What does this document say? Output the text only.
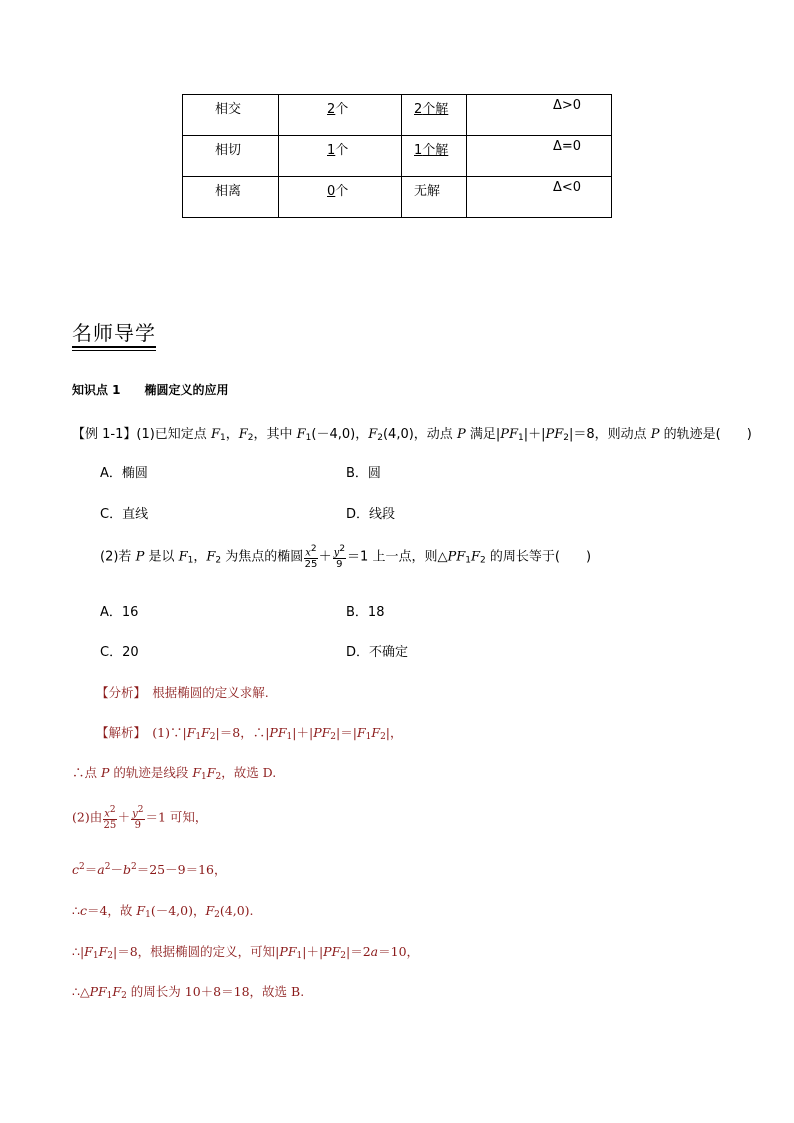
相交	2个	2个解	Δ>0
相切	1个	1个解	Δ=0
相离	0个	无解	Δ<0
名师导学
知识点 1　　椭圆定义的应用
【例 1-1】(1)已知定点 $F_1$，$F_2$，其中 $F_1(-4,0)$，$F_2(4,0)$，动点 P 满足$|PF_1|+|PF_2|=8$，则动点 P 的轨迹是(　　)
A．椭圆	B．圆
C．直线	D．线段
(2)若 P 是以 $F_1$，$F_2$ 为焦点的椭圆 $\frac{x^2}{25} + \frac{y^2}{9} =1$ 上一点，则$\triangle PF_1F_2$ 的周长等于(　　)
A．16	B．18
C．20	D．不确定
【分析】　 根据椭圆的定义求解.
【解析】　$(1)\because|F_1F_2|=8$，$\therefore|PF_1|+|PF_2|=|F_1F_2|$，
∴点 P 的轨迹是线段 $F_1F_2$，故选 D.
(2)由 $\frac{x^2}{25} + \frac{y^2}{9} =1$ 可知，
$c^2=a^2-b^2=25-9=16$，
∴c＝4，故 $F_1(-4,0)$，$F_2(4,0)$.
$\therefore|F_1F_2|=8$，根据椭圆的定义，可知$|PF_1|+|PF_2|=2a=10$，
$\therefore\triangle PF_1F_2$ 的周长为 10＋8＝18，故选 B.
